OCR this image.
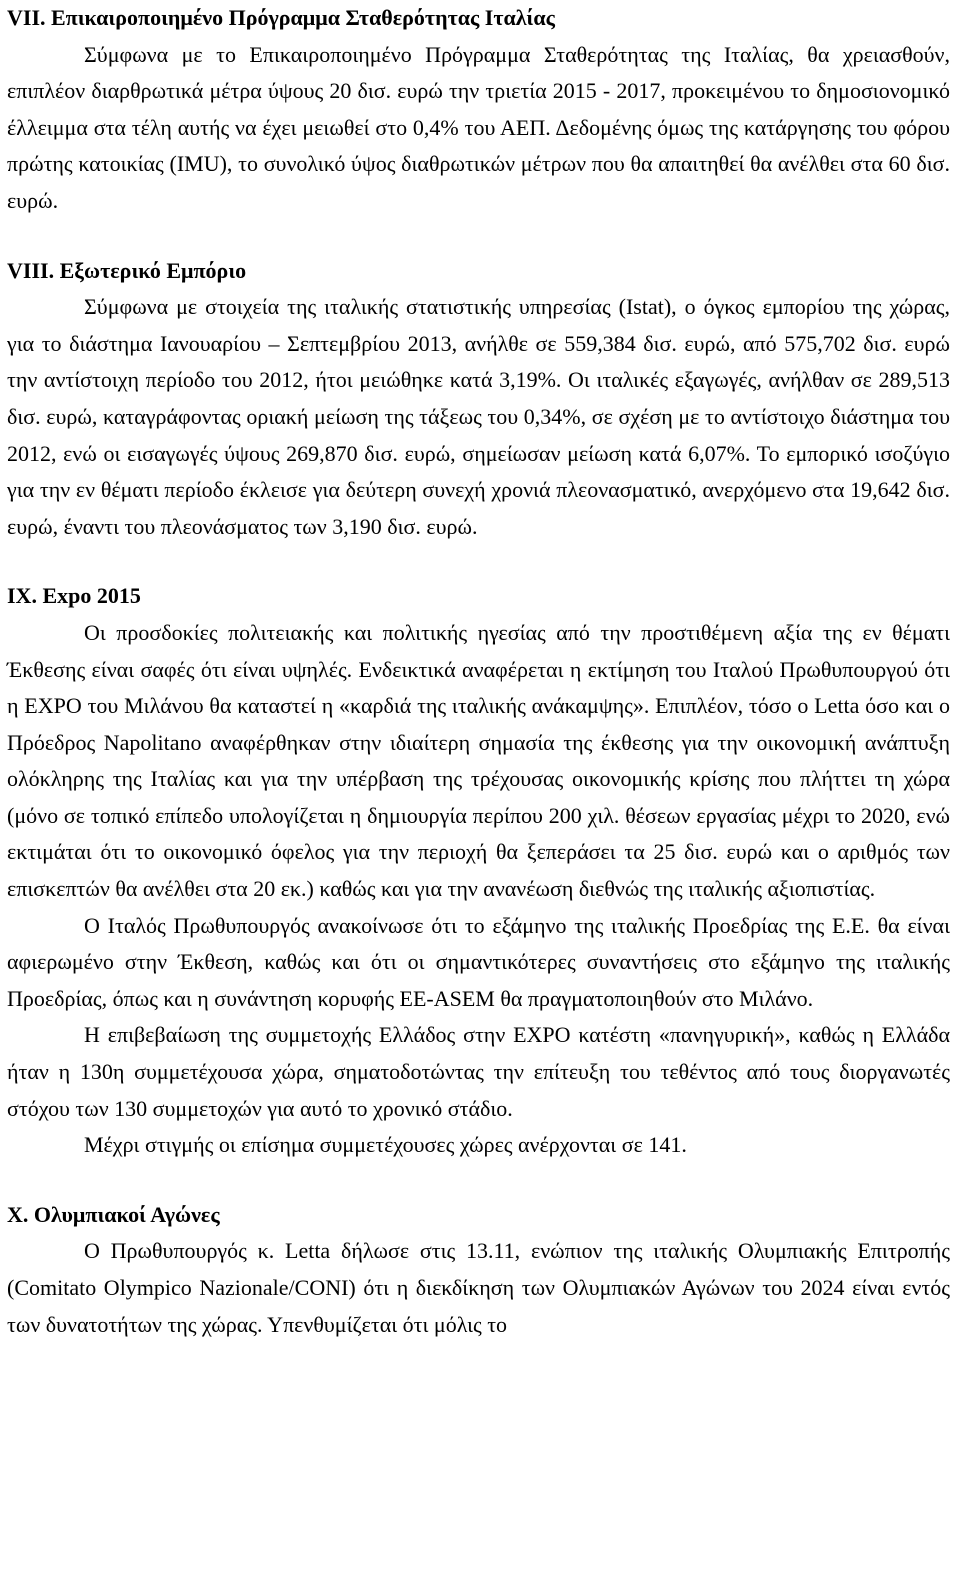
VII. Επικαιροποιημένο Πρόγραμμα Σταθερότητας Ιταλίας

Σύμφωνα με το Επικαιροποιημένο Πρόγραμμα Σταθερότητας της Ιταλίας, θα χρειασθούν, επιπλέον διαρθρωτικά μέτρα ύψους 20 δισ. ευρώ την τριετία 2015 - 2017, προκειμένου το δημοσιονομικό έλλειμμα στα τέλη αυτής να έχει μειωθεί στο 0,4% του ΑΕΠ. Δεδομένης όμως της κατάργησης του φόρου πρώτης κατοικίας (IMU), το συνολικό ύψος διαθρωτικών μέτρων που θα απαιτηθεί θα ανέλθει στα 60 δισ. ευρώ.

VIII. Εξωτερικό Εμπόριο

Σύμφωνα με στοιχεία της ιταλικής στατιστικής υπηρεσίας (Istat), ο όγκος εμπορίου της χώρας, για το διάστημα Ιανουαρίου – Σεπτεμβρίου 2013, ανήλθε σε 559,384 δισ. ευρώ, από 575,702 δισ. ευρώ την αντίστοιχη περίοδο του 2012, ήτοι μειώθηκε κατά 3,19%. Οι ιταλικές εξαγωγές, ανήλθαν σε 289,513 δισ. ευρώ, καταγράφοντας οριακή μείωση της τάξεως του 0,34%, σε σχέση με το αντίστοιχο διάστημα του 2012, ενώ οι εισαγωγές ύψους 269,870 δισ. ευρώ, σημείωσαν μείωση κατά 6,07%. Το εμπορικό ισοζύγιο για την εν θέματι περίοδο έκλεισε για δεύτερη συνεχή χρονιά πλεονασματικό, ανερχόμενο στα 19,642 δισ. ευρώ, έναντι του πλεονάσματος των 3,190 δισ. ευρώ.

IX. Expo 2015

Οι προσδοκίες πολιτειακής και πολιτικής ηγεσίας από την προστιθέμενη αξία της εν θέματι Έκθεσης είναι σαφές ότι είναι υψηλές. Ενδεικτικά αναφέρεται η εκτίμηση του Ιταλού Πρωθυπουργού ότι η EXPO του Μιλάνου θα καταστεί η «καρδιά της ιταλικής ανάκαμψης». Επιπλέον, τόσο ο Letta όσο και ο Πρόεδρος Napolitano αναφέρθηκαν στην ιδιαίτερη σημασία της έκθεσης για την οικονομική ανάπτυξη ολόκληρης της Ιταλίας και για την υπέρβαση της τρέχουσας οικονομικής κρίσης που πλήττει τη χώρα (μόνο σε τοπικό επίπεδο υπολογίζεται η δημιουργία περίπου 200 χιλ. θέσεων εργασίας μέχρι το 2020, ενώ εκτιμάται ότι το οικονομικό όφελος για την περιοχή θα ξεπεράσει τα 25 δισ. ευρώ και ο αριθμός των επισκεπτών θα ανέλθει στα 20 εκ.) καθώς και για την ανανέωση διεθνώς της ιταλικής αξιοπιστίας.

Ο Ιταλός Πρωθυπουργός ανακοίνωσε ότι το εξάμηνο της ιταλικής Προεδρίας της Ε.Ε. θα είναι αφιερωμένο στην Έκθεση, καθώς και ότι οι σημαντικότερες συναντήσεις στο εξάμηνο της ιταλικής Προεδρίας, όπως και η συνάντηση κορυφής ΕΕ-ASEM θα πραγματοποιηθούν στο Μιλάνο.

Η επιβεβαίωση της συμμετοχής Ελλάδος στην EXPO κατέστη «πανηγυρική», καθώς η Ελλάδα ήταν η 130η συμμετέχουσα χώρα, σηματοδοτώντας την επίτευξη του τεθέντος από τους διοργανωτές στόχου των 130 συμμετοχών για αυτό το χρονικό στάδιο.

Μέχρι στιγμής οι επίσημα συμμετέχουσες χώρες ανέρχονται σε 141.

X. Ολυμπιακοί Αγώνες

Ο Πρωθυπουργός κ. Letta δήλωσε στις 13.11, ενώπιον της ιταλικής Ολυμπιακής Επιτροπής (Comitato Olympico Nazionale/CONI) ότι η διεκδίκηση των Ολυμπιακών Αγώνων του 2024 είναι εντός των δυνατοτήτων της χώρας. Υπενθυμίζεται ότι μόλις το
